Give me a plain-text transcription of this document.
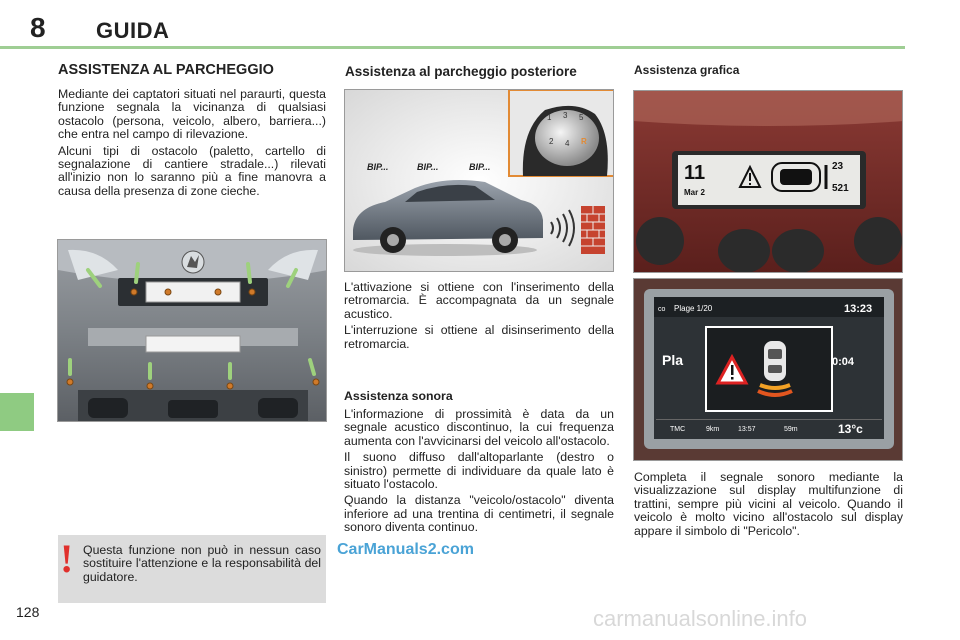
8 GUIDA
ASSISTENZA AL PARCHEGGIO

Mediante dei captatori situati nel paraurti, questa funzione segnala la vicinanza di qualsiasi ostacolo (persona, veicolo, albero, barriera...) che entra nel campo di rilevazione.

Alcuni tipi di ostacolo (paletto, cartello di segnalazione di cantiere stradale...) rilevati all'inizio non lo saranno più a fine manovra a causa della presenza di zone cieche.

! Questa funzione non può in nessun caso sostituire l'attenzione e la responsabilità del guidatore.
Assistenza al parcheggio posteriore
1 3 5
2 4 R
BIP...	BIP...	BIP...

L'attivazione si ottiene con l'inserimento della retromarcia. È accompagnata da un segnale acustico.

L'interruzione si ottiene al disinserimento della retromarcia.

Assistenza sonora

L'informazione di prossimità è data da un segnale acustico discontinuo, la cui frequenza aumenta con l'avvicinarsi del veicolo all'ostacolo.

Il suono diffuso dall'altoparlante (destro o sinistro) permette di individuare da quale lato è situato l'ostacolo.

Quando la distanza "veicolo/ostacolo" diventa inferiore ad una trentina di centimetri, il segnale sonoro diventa continuo.

Assistenza grafica
11
Mar 2
23
521
co Plage 1/20	13:23
Pla	0:04
TMC	9km	13:57	59m	13°c

Completa il segnale sonoro mediante la visualizzazione sul display multifunzione di trattini, sempre più vicini al veicolo. Quando il veicolo è molto vicino all'ostacolo sul display appare il simbolo di "Pericolo".

128
CarManuals2.com
carmanualsonline.info
